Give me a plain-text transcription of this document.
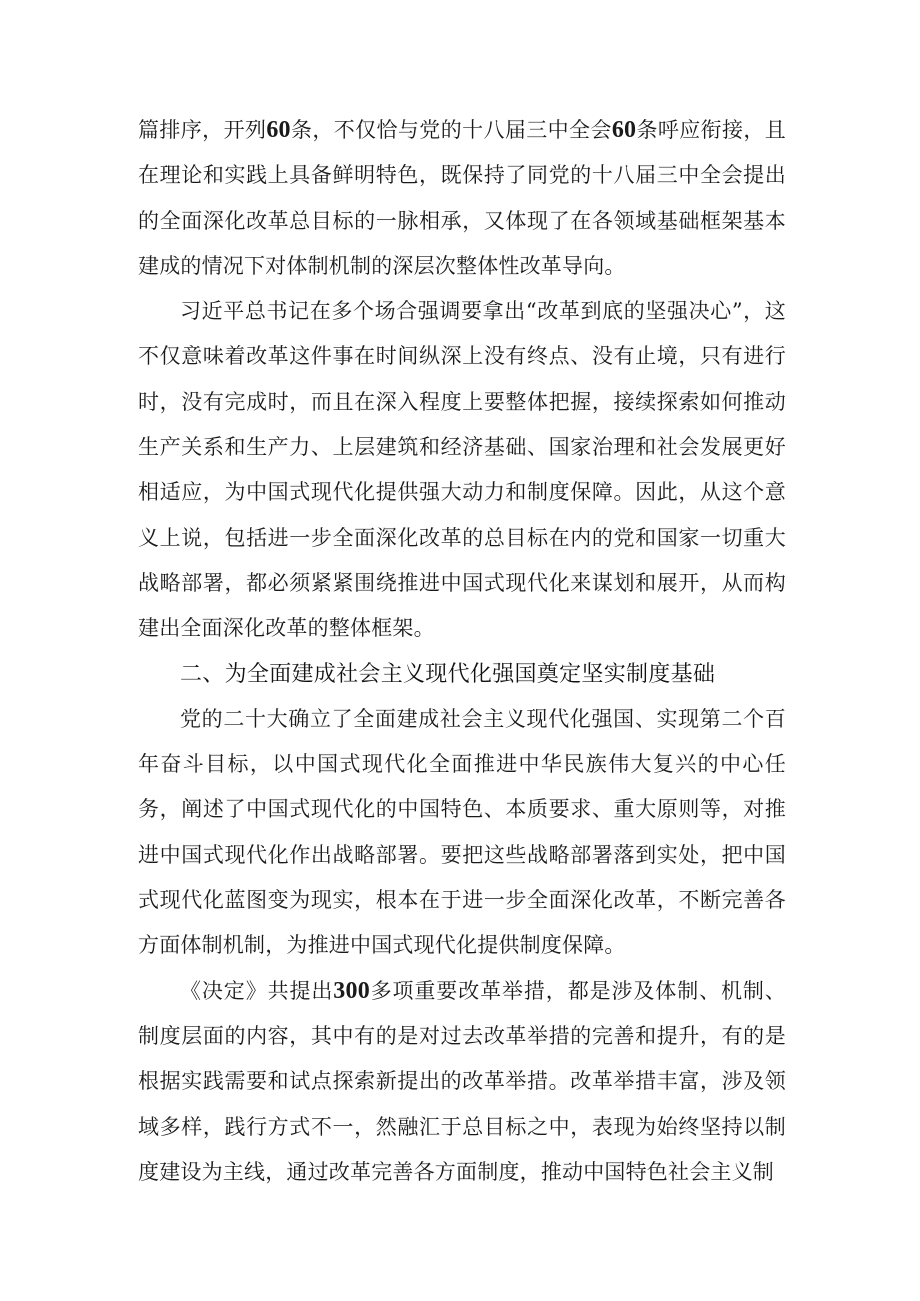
篇排序，开列60条，不仅恰与党的十八届三中全会60条呼应衔接，且在理论和实践上具备鲜明特色，既保持了同党的十八届三中全会提出的全面深化改革总目标的一脉相承，又体现了在各领域基础框架基本建成的情况下对体制机制的深层次整体性改革导向。

习近平总书记在多个场合强调要拿出“改革到底的坚强决心”，这不仅意味着改革这件事在时间纵深上没有终点、没有止境，只有进行时，没有完成时，而且在深入程度上要整体把握，接续探索如何推动生产关系和生产力、上层建筑和经济基础、国家治理和社会发展更好相适应，为中国式现代化提供强大动力和制度保障。因此，从这个意义上说，包括进一步全面深化改革的总目标在内的党和国家一切重大战略部署，都必须紧紧围绕推进中国式现代化来谋划和展开，从而构建出全面深化改革的整体框架。

二、为全面建成社会主义现代化强国奠定坚实制度基础

党的二十大确立了全面建成社会主义现代化强国、实现第二个百年奋斗目标，以中国式现代化全面推进中华民族伟大复兴的中心任务，阐述了中国式现代化的中国特色、本质要求、重大原则等，对推进中国式现代化作出战略部署。要把这些战略部署落到实处，把中国式现代化蓝图变为现实，根本在于进一步全面深化改革，不断完善各方面体制机制，为推进中国式现代化提供制度保障。

《决定》共提出300多项重要改革举措，都是涉及体制、机制、制度层面的内容，其中有的是对过去改革举措的完善和提升，有的是根据实践需要和试点探索新提出的改革举措。改革举措丰富，涉及领域多样，践行方式不一，然融汇于总目标之中，表现为始终坚持以制度建设为主线，通过改革完善各方面制度，推动中国特色社会主义制
